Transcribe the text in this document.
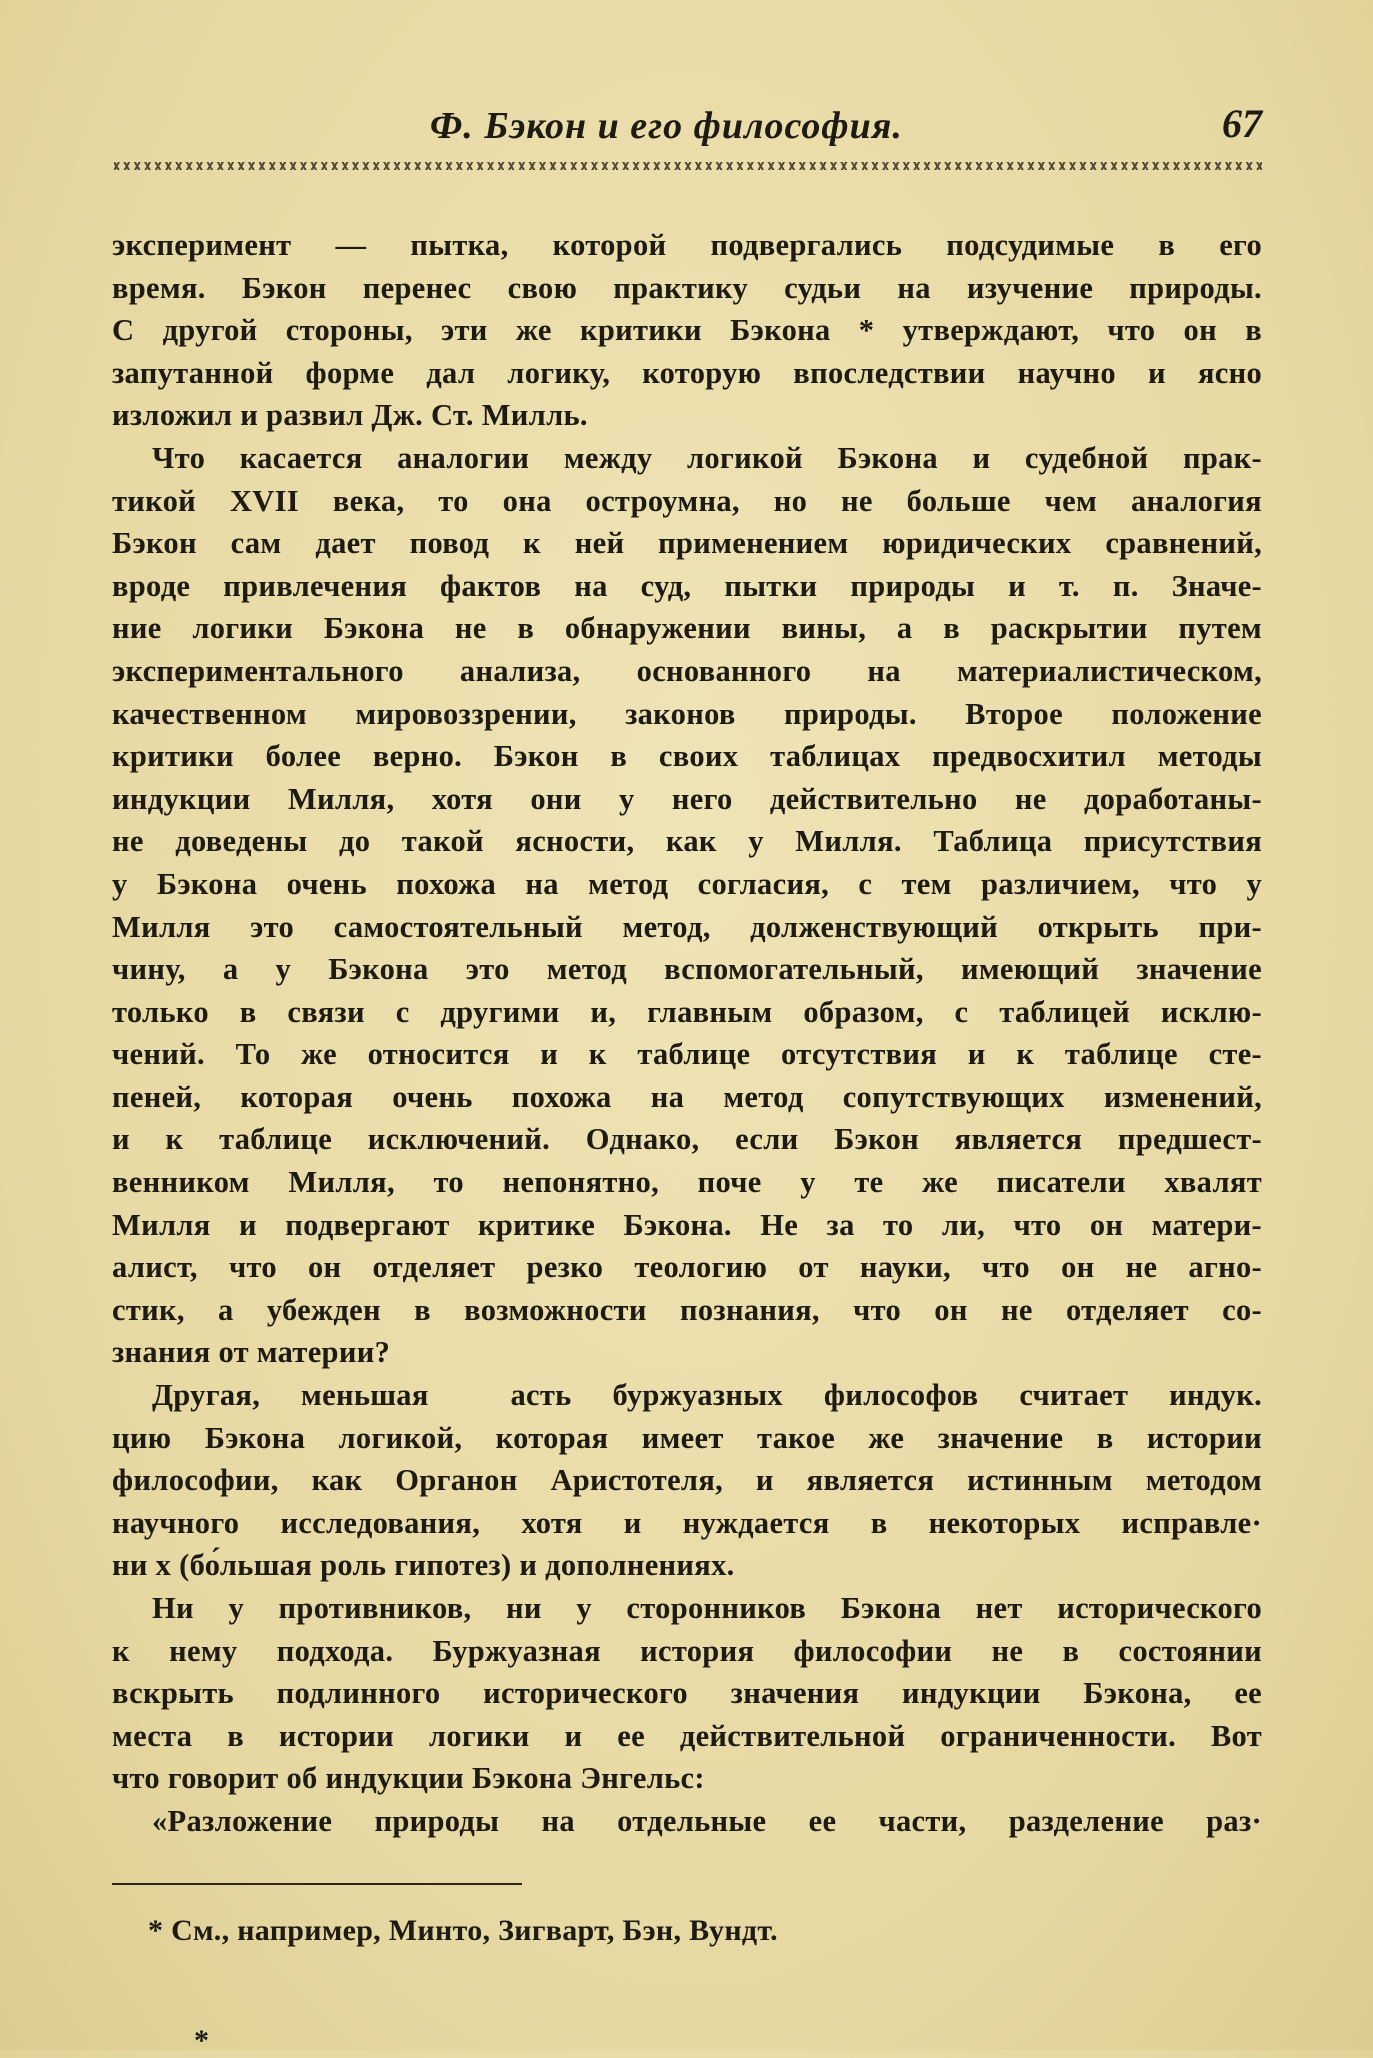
Ф. Бэкон и его философия.	67
эксперимент — пытка, которой подвергались подсудимые в его
время. Бэкон перенес свою практику судьи на изучение природы.
С другой стороны, эти же критики Бэкона * утверждают, что он в
запутанной форме дал логику, которую впоследствии научно и ясно
изложил и развил Дж. Ст. Милль.
Что касается аналогии между логикой Бэкона и судебной прак-
тикой XVII века, то она остроумна, но не больше чем аналогия
Бэкон сам дает повод к ней применением юридических сравнений,
вроде привлечения фактов на суд, пытки природы и т. п. Значе-
ние логики Бэкона не в обнаружении вины, а в раскрытии путем
экспериментального анализа, основанного на материалистическом,
качественном мировоззрении, законов природы. Второе положение
критики более верно. Бэкон в своих таблицах предвосхитил методы
индукции Милля, хотя они у него действительно не доработаны-
не доведены до такой ясности, как у Милля. Таблица присутствия
у Бэкона очень похожа на метод согласия, с тем различием, что у
Милля это самостоятельный метод, долженствующий открыть при-
чину, а у Бэкона это метод вспомогательный, имеющий значение
только в связи с другими и, главным образом, с таблицей исклю-
чений. То же относится и к таблице отсутствия и к таблице сте-
пеней, которая очень похожа на метод сопутствующих изменений,
и к таблице исключений. Однако, если Бэкон является предшест-
венником Милля, то непонятно, поче у те же писатели хвалят
Милля и подвергают критике Бэкона. Не за то ли, что он матери-
алист, что он отделяет резко теологию от науки, что он не агно-
стик, а убежден в возможности познания, что он не отделяет со-
знания от материи?
Другая, меньшая  асть буржуазных философов считает индук.
цию Бэкона логикой, которая имеет такое же значение в истории
философии, как Органон Аристотеля, и является истинным методом
научного исследования, хотя и нуждается в некоторых исправле·
ни х (бо́льшая роль гипотез) и дополнениях.
Ни у противников, ни у сторонников Бэкона нет исторического
к нему подхода. Буржуазная история философии не в состоянии
вскрыть подлинного исторического значения индукции Бэкона, ее
места в истории логики и ее действительной ограниченности. Вот
что говорит об индукции Бэкона Энгельс:
«Разложение природы на отдельные ее части, разделение раз·
* См., например, Минто, Зигварт, Бэн, Вундт.
*
